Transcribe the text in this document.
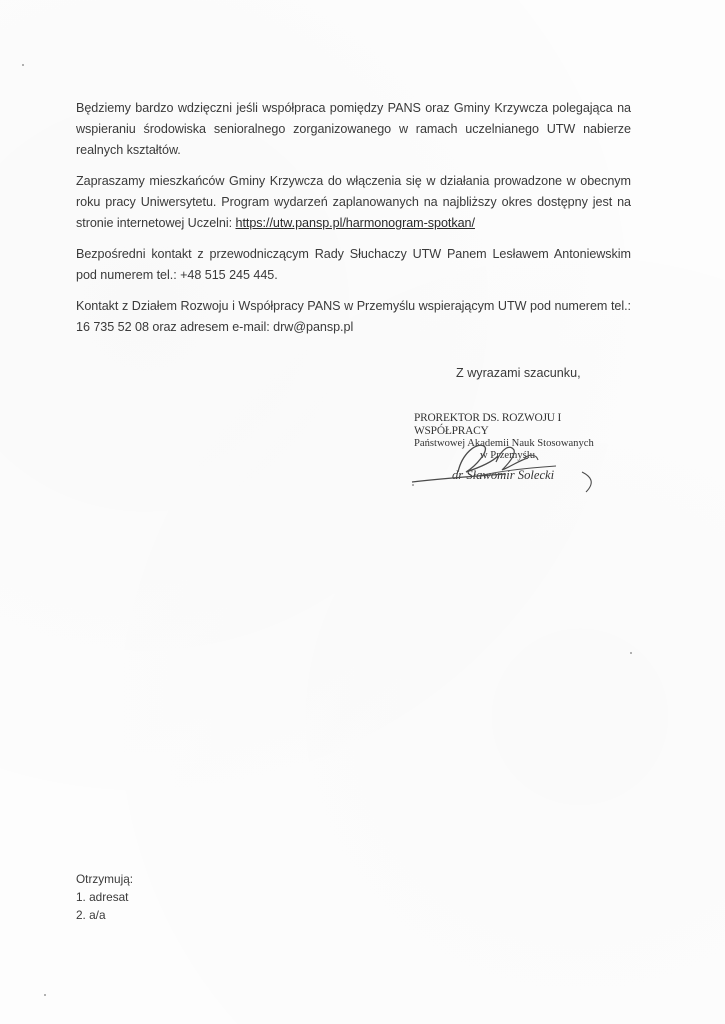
Będziemy bardzo wdzięczni jeśli współpraca pomiędzy PANS oraz Gminy Krzywcza polegająca na wspieraniu środowiska senioralnego zorganizowanego w ramach uczelnianego UTW nabierze realnych kształtów.

Zapraszamy mieszkańców Gminy Krzywcza do włączenia się w działania prowadzone w obecnym roku pracy Uniwersytetu. Program wydarzeń zaplanowanych na najbliższy okres dostępny jest na stronie internetowej Uczelni: https://utw.pansp.pl/harmonogram-spotkan/

Bezpośredni kontakt z przewodniczącym Rady Słuchaczy UTW Panem Lesławem Antoniewskim pod numerem tel.: +48 515 245 445.

Kontakt z Działem Rozwoju i Współpracy PANS w Przemyślu wspierającym UTW pod numerem tel.: 16 735 52 08 oraz adresem e-mail: drw@pansp.pl

Z wyrazami szacunku,
PROREKTOR DS. ROZWOJU I WSPÓŁPRACY
Państwowej Akademii Nauk Stosowanych
w Przemyślu
dr Sławomir Solecki
Otrzymują:
1. adresat
2. a/a
